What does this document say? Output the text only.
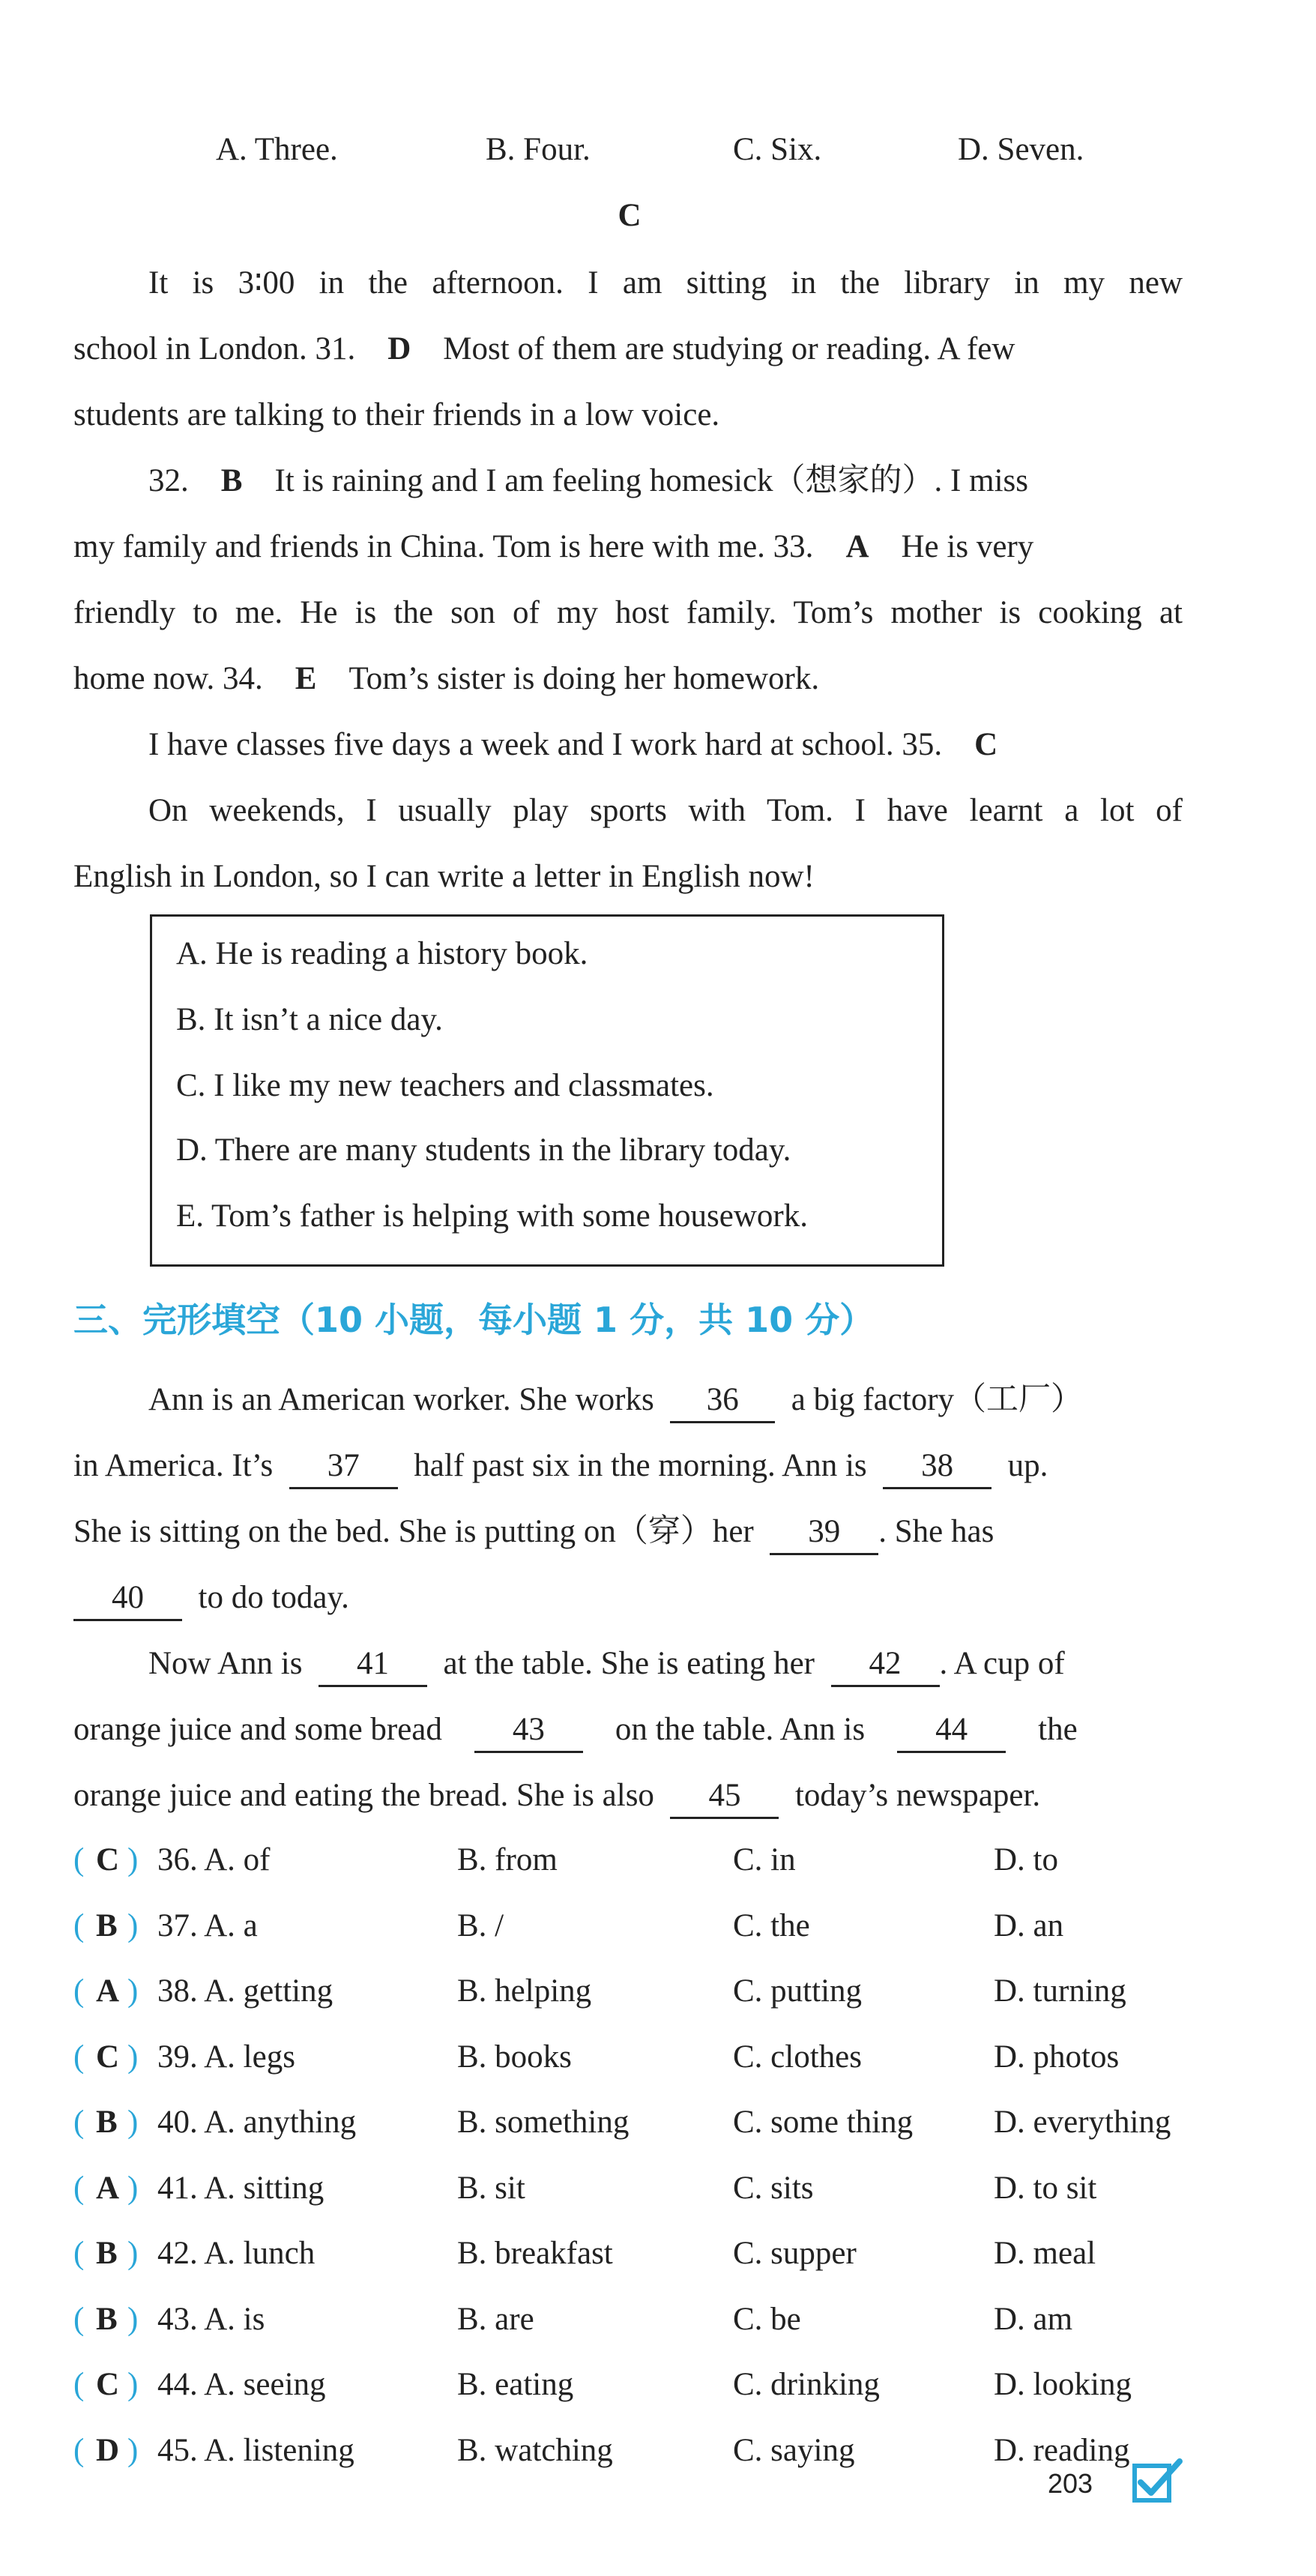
A. Three.	B. Four.	C. Six.	D. Seven.
C
It is 3∶00 in the afternoon. I am sitting in the library in my new
school in London. 31. D Most of them are studying or reading. A few
students are talking to their friends in a low voice.
32. B It is raining and I am feeling homesick（想家的）. I miss
my family and friends in China. Tom is here with me. 33. A He is very
friendly to me. He is the son of my host family. Tom’s mother is cooking at
home now. 34. E Tom’s sister is doing her homework.
I have classes five days a week and I work hard at school. 35. C
On weekends, I usually play sports with Tom. I have learnt a lot of
English in London, so I can write a letter in English now!
A. He is reading a history book.
B. It isn’t a nice day.
C. I like my new teachers and classmates.
D. There are many students in the library today.
E. Tom’s father is helping with some housework.
三、完形填空（10 小题，每小题 1 分，共 10 分）
Ann is an American worker. She works 36 a big factory（工厂）
in America. It’s 37 half past six in the morning. Ann is 38 up.
She is sitting on the bed. She is putting on（穿）her 39 . She has
40 to do today.
Now Ann is 41 at the table. She is eating her 42 . A cup of
orange juice and some bread 43 on the table. Ann is 44 the
orange juice and eating the bread. She is also 45 today’s newspaper.
( C ) 36. A. of	B. from	C. in	D. to
( B ) 37. A. a	B. /	C. the	D. an
( A ) 38. A. getting	B. helping	C. putting	D. turning
( C ) 39. A. legs	B. books	C. clothes	D. photos
( B ) 40. A. anything	B. something	C. some thing	D. everything
( A ) 41. A. sitting	B. sit	C. sits	D. to sit
( B ) 42. A. lunch	B. breakfast	C. supper	D. meal
( B ) 43. A. is	B. are	C. be	D. am
( C ) 44. A. seeing	B. eating	C. drinking	D. looking
( D ) 45. A. listening	B. watching	C. saying	D. reading
203
